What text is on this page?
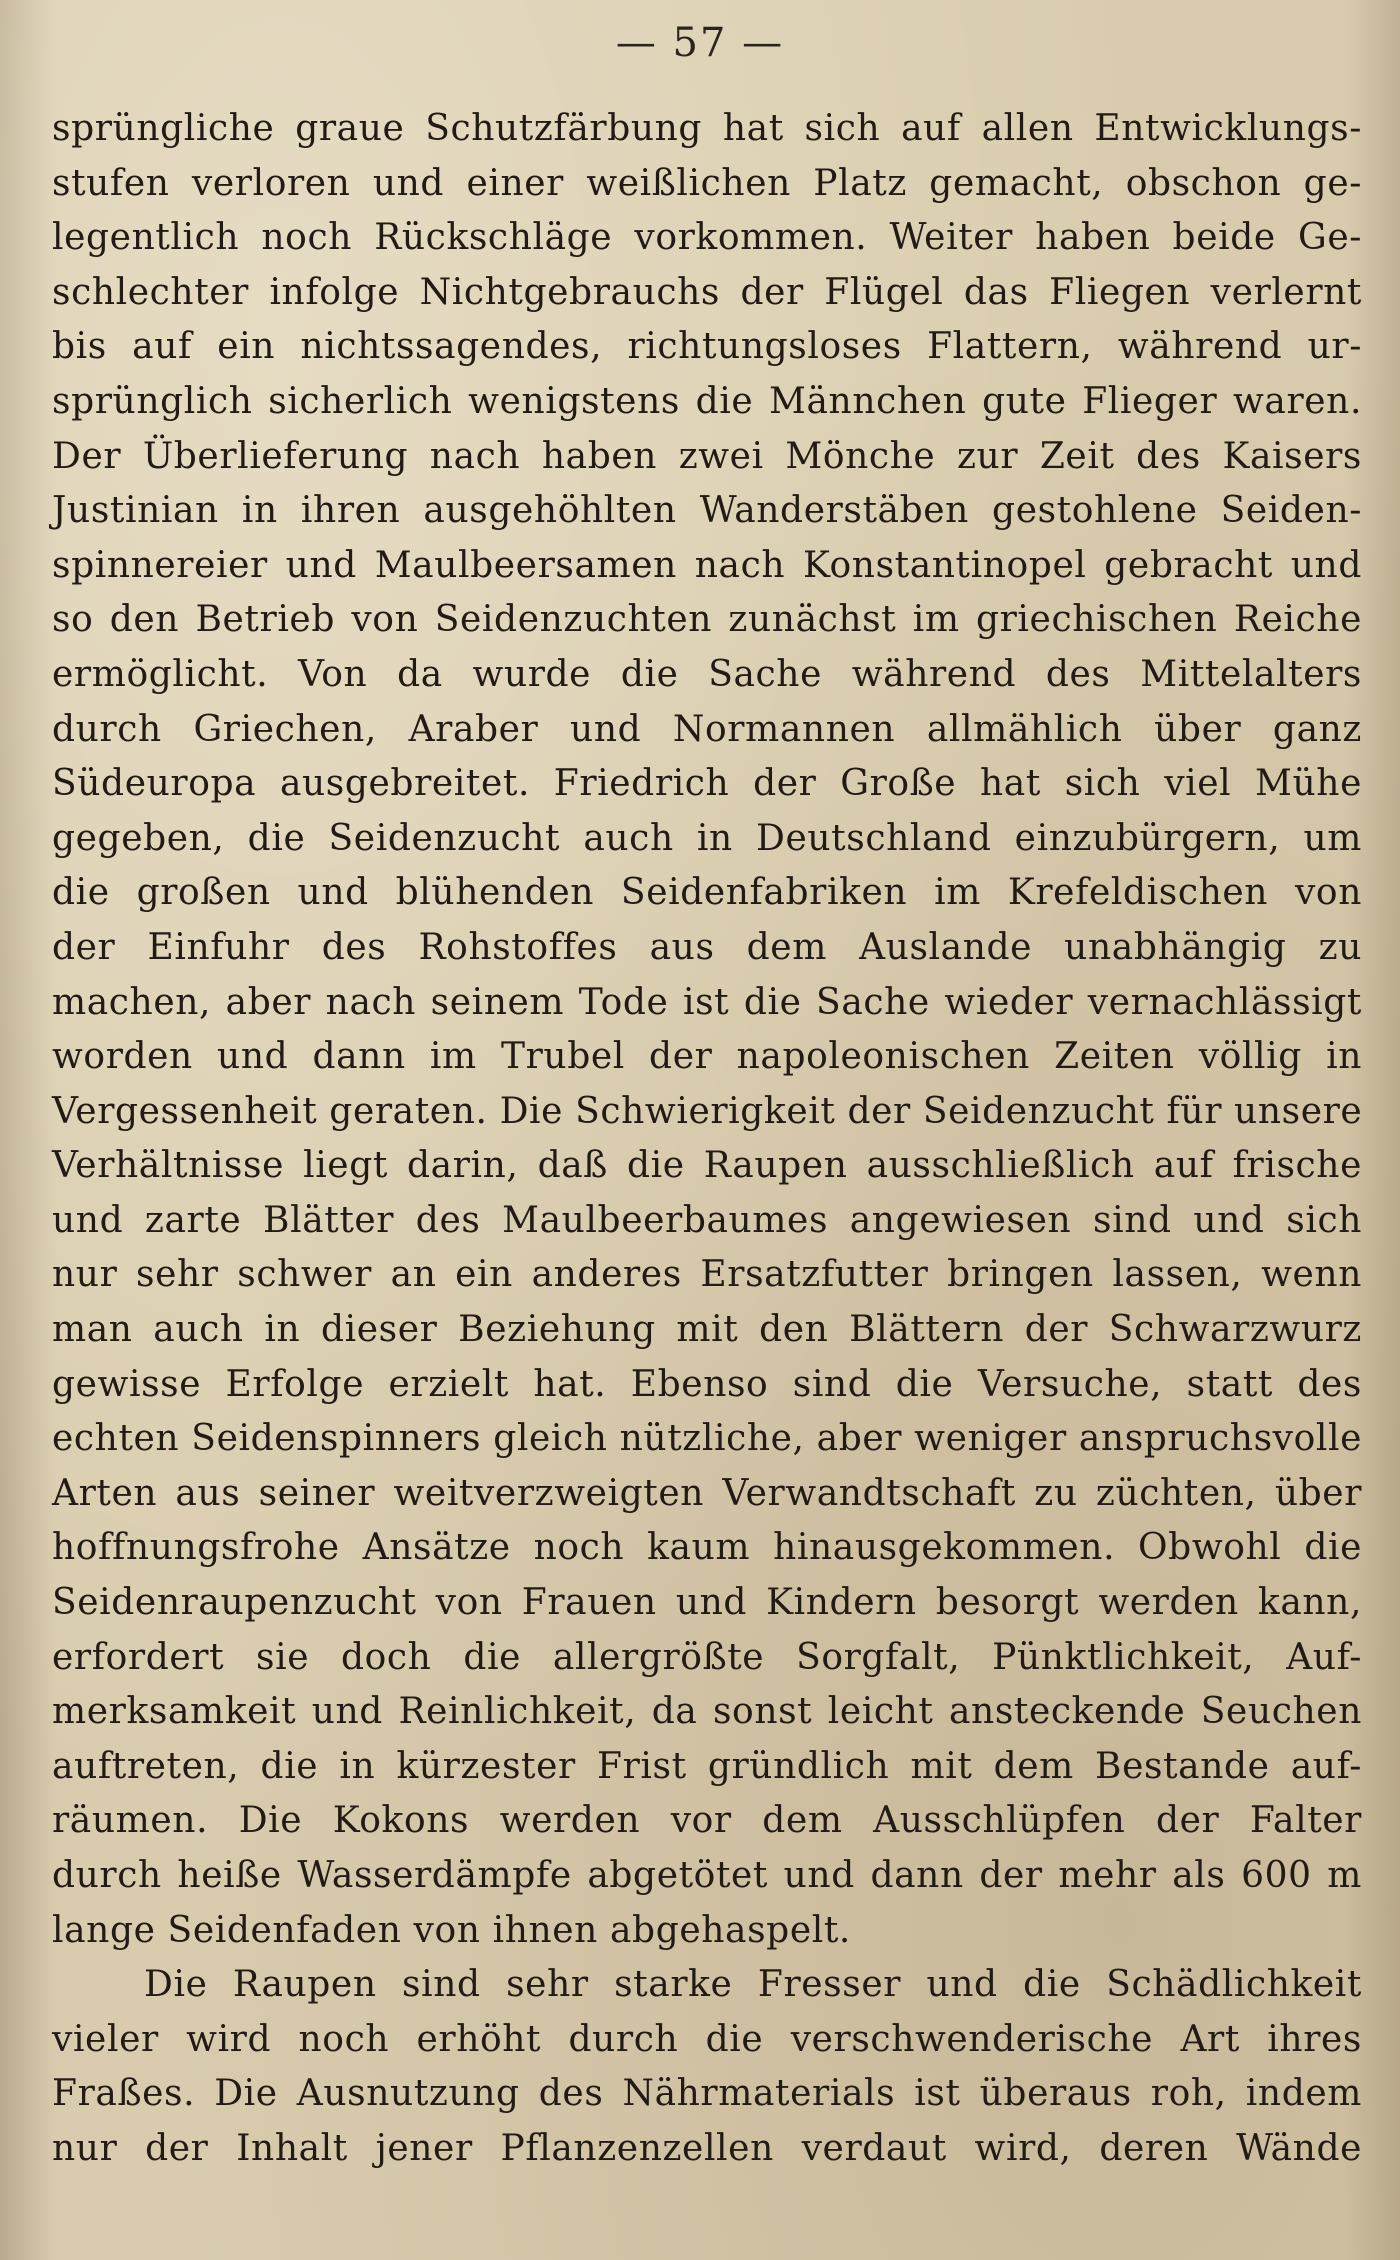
— 57 —
sprüngliche graue Schutzfärbung hat sich auf allen Entwicklungs-
stufen verloren und einer weißlichen Platz gemacht, obschon ge-
legentlich noch Rückschläge vorkommen. Weiter haben beide Ge-
schlechter infolge Nichtgebrauchs der Flügel das Fliegen verlernt
bis auf ein nichtssagendes, richtungsloses Flattern, während ur-
sprünglich sicherlich wenigstens die Männchen gute Flieger waren.
Der Überlieferung nach haben zwei Mönche zur Zeit des Kaisers
Justinian in ihren ausgehöhlten Wanderstäben gestohlene Seiden-
spinnereier und Maulbeersamen nach Konstantinopel gebracht und
so den Betrieb von Seidenzuchten zunächst im griechischen Reiche
ermöglicht. Von da wurde die Sache während des Mittelalters
durch Griechen, Araber und Normannen allmählich über ganz
Südeuropa ausgebreitet. Friedrich der Große hat sich viel Mühe
gegeben, die Seidenzucht auch in Deutschland einzubürgern, um
die großen und blühenden Seidenfabriken im Krefeldischen von
der Einfuhr des Rohstoffes aus dem Auslande unabhängig zu
machen, aber nach seinem Tode ist die Sache wieder vernachlässigt
worden und dann im Trubel der napoleonischen Zeiten völlig in
Vergessenheit geraten. Die Schwierigkeit der Seidenzucht für unsere
Verhältnisse liegt darin, daß die Raupen ausschließlich auf frische
und zarte Blätter des Maulbeerbaumes angewiesen sind und sich
nur sehr schwer an ein anderes Ersatzfutter bringen lassen, wenn
man auch in dieser Beziehung mit den Blättern der Schwarzwurz
gewisse Erfolge erzielt hat. Ebenso sind die Versuche, statt des
echten Seidenspinners gleich nützliche, aber weniger anspruchsvolle
Arten aus seiner weitverzweigten Verwandtschaft zu züchten, über
hoffnungsfrohe Ansätze noch kaum hinausgekommen. Obwohl die
Seidenraupenzucht von Frauen und Kindern besorgt werden kann,
erfordert sie doch die allergrößte Sorgfalt, Pünktlichkeit, Auf-
merksamkeit und Reinlichkeit, da sonst leicht ansteckende Seuchen
auftreten, die in kürzester Frist gründlich mit dem Bestande auf-
räumen. Die Kokons werden vor dem Ausschlüpfen der Falter
durch heiße Wasserdämpfe abgetötet und dann der mehr als 600 m
lange Seidenfaden von ihnen abgehaspelt.
Die Raupen sind sehr starke Fresser und die Schädlichkeit
vieler wird noch erhöht durch die verschwenderische Art ihres
Fraßes. Die Ausnutzung des Nährmaterials ist überaus roh, indem
nur der Inhalt jener Pflanzenzellen verdaut wird, deren Wände
